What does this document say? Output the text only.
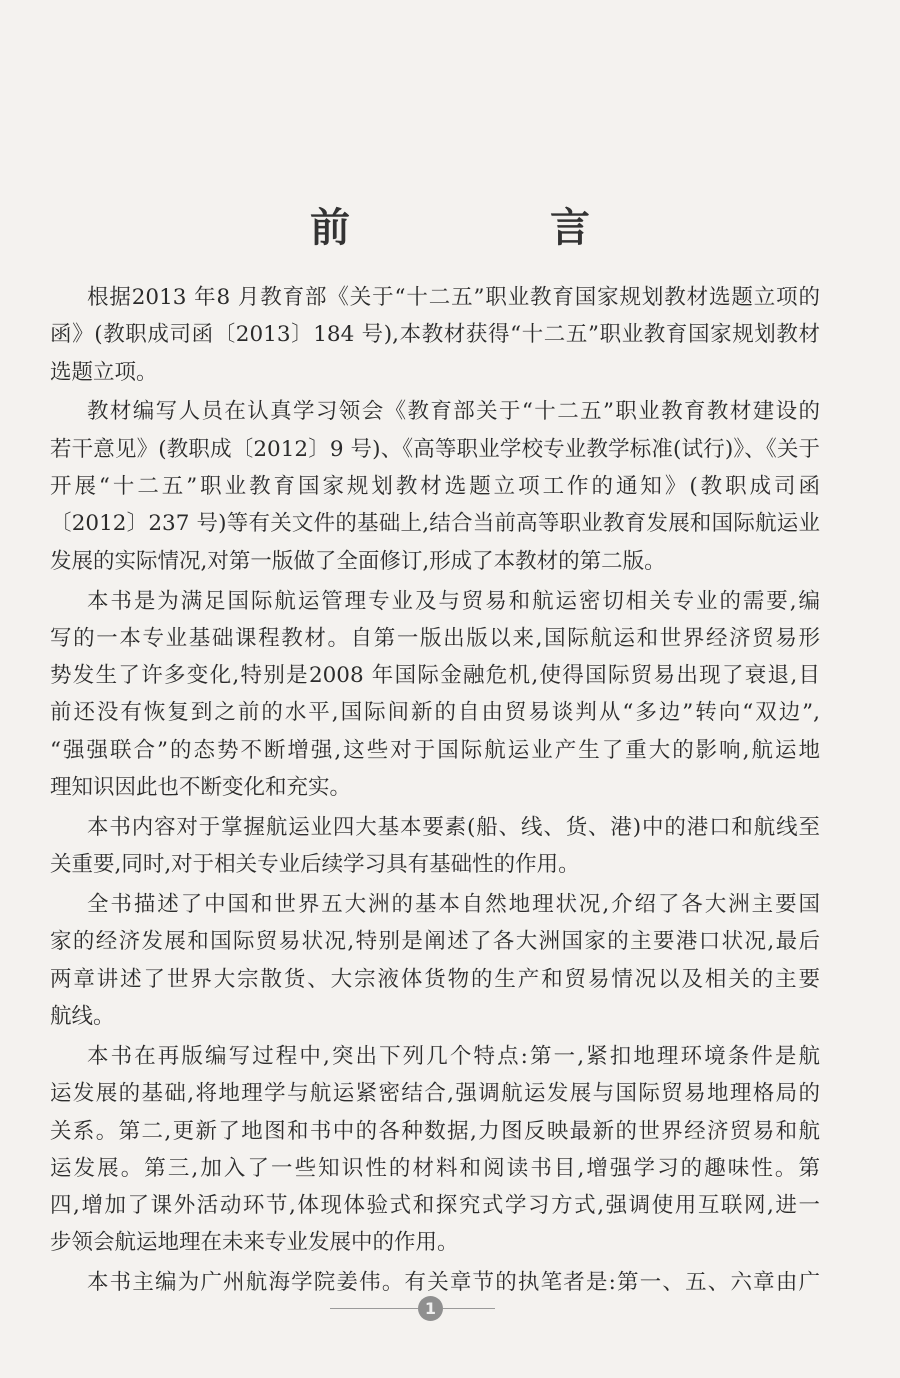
前　言
根据2013 年8 月教育部《关于“十二五”职业教育国家规划教材选题立项的
函》(教职成司函〔2013〕184 号),本教材获得“十二五”职业教育国家规划教材
选题立项。
教材编写人员在认真学习领会《教育部关于“十二五”职业教育教材建设的
若干意见》(教职成〔2012〕9 号)、《高等职业学校专业教学标准(试行)》、《关于
开展“十二五”职业教育国家规划教材选题立项工作的通知》(教职成司函
〔2012〕237 号)等有关文件的基础上,结合当前高等职业教育发展和国际航运业
发展的实际情况,对第一版做了全面修订,形成了本教材的第二版。
本书是为满足国际航运管理专业及与贸易和航运密切相关专业的需要,编
写的一本专业基础课程教材。自第一版出版以来,国际航运和世界经济贸易形
势发生了许多变化,特别是2008 年国际金融危机,使得国际贸易出现了衰退,目
前还没有恢复到之前的水平,国际间新的自由贸易谈判从“多边”转向“双边”,
“强强联合”的态势不断增强,这些对于国际航运业产生了重大的影响,航运地
理知识因此也不断变化和充实。
本书内容对于掌握航运业四大基本要素(船、线、货、港)中的港口和航线至
关重要,同时,对于相关专业后续学习具有基础性的作用。
全书描述了中国和世界五大洲的基本自然地理状况,介绍了各大洲主要国
家的经济发展和国际贸易状况,特别是阐述了各大洲国家的主要港口状况,最后
两章讲述了世界大宗散货、大宗液体货物的生产和贸易情况以及相关的主要
航线。
本书在再版编写过程中,突出下列几个特点:第一,紧扣地理环境条件是航
运发展的基础,将地理学与航运紧密结合,强调航运发展与国际贸易地理格局的
关系。第二,更新了地图和书中的各种数据,力图反映最新的世界经济贸易和航
运发展。第三,加入了一些知识性的材料和阅读书目,增强学习的趣味性。第
四,增加了课外活动环节,体现体验式和探究式学习方式,强调使用互联网,进一
步领会航运地理在未来专业发展中的作用。
本书主编为广州航海学院姜伟。有关章节的执笔者是:第一、五、六章由广
1
